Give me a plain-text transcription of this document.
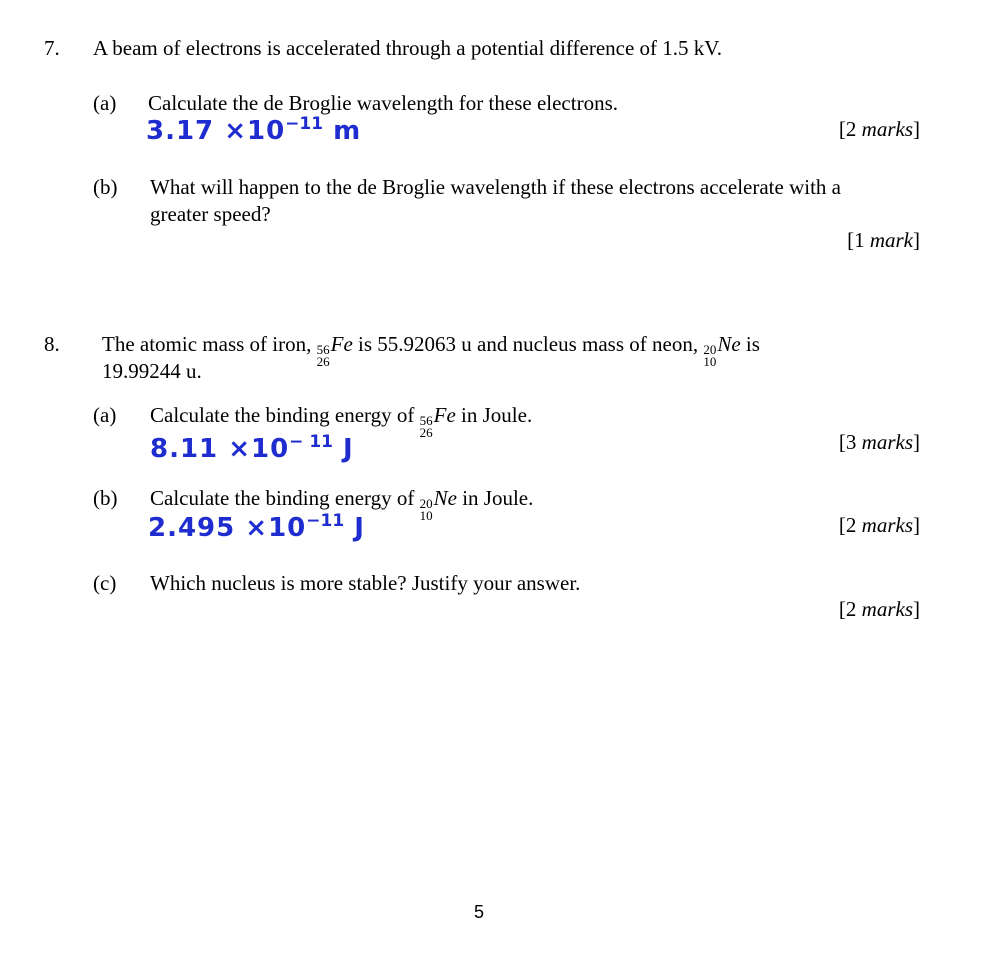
7. A beam of electrons is accelerated through a potential difference of 1.5 kV.
(a) Calculate the de Broglie wavelength for these electrons.
$3.17 \times 10^{-11}$ m	[2 marks]
(b) What will happen to the de Broglie wavelength if these electrons accelerate with a
greater speed?
[1 mark]
8. The atomic mass of iron, 56
26
Fe is 55.92063 u and nucleus mass of neon, 20
10
Ne is
19.99244 u.
(a) Calculate the binding energy of 56
26
Fe in Joule.
$8.11 \times 10^{- 11}$ J	[3 marks]
(b) Calculate the binding energy of 20
10
Ne in Joule.
$2.495 \times 10^{-11}$ J	[2 marks]
(c) Which nucleus is more stable? Justify your answer.
[2 marks]
5
